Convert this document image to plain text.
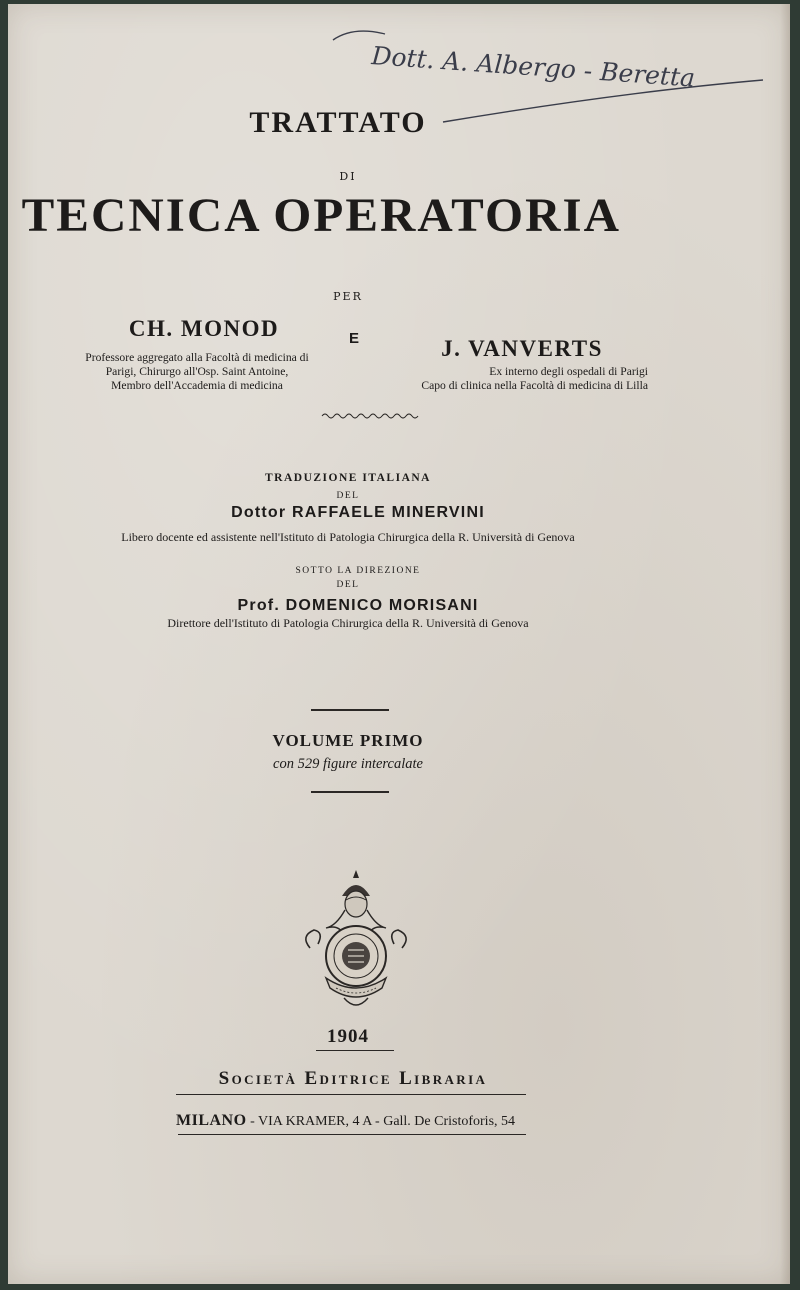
Dott. A. Albergo - Beretta
TRATTATO
DI
TECNICA OPERATORIA
PER
CH. MONOD	E	J. VANVERTS
Professore aggregato alla Facoltà di medicina di
Parigi, Chirurgo all'Osp. Saint Antoine,
Membro dell'Accademia di medicina
Ex interno degli ospedali di Parigi
Capo di clinica nella Facoltà di medicina di Lilla
TRADUZIONE ITALIANA
DEL
Dottor RAFFAELE MINERVINI
Libero docente ed assistente nell'Istituto di Patologia Chirurgica della R. Università di Genova
SOTTO LA DIREZIONE
DEL
Prof. DOMENICO MORISANI
Direttore dell'Istituto di Patologia Chirurgica della R. Università di Genova
VOLUME PRIMO
con 529 figure intercalate
1904
Società Editrice Libraria
MILANO - VIA KRAMER, 4 A - Gall. De Cristoforis, 54
